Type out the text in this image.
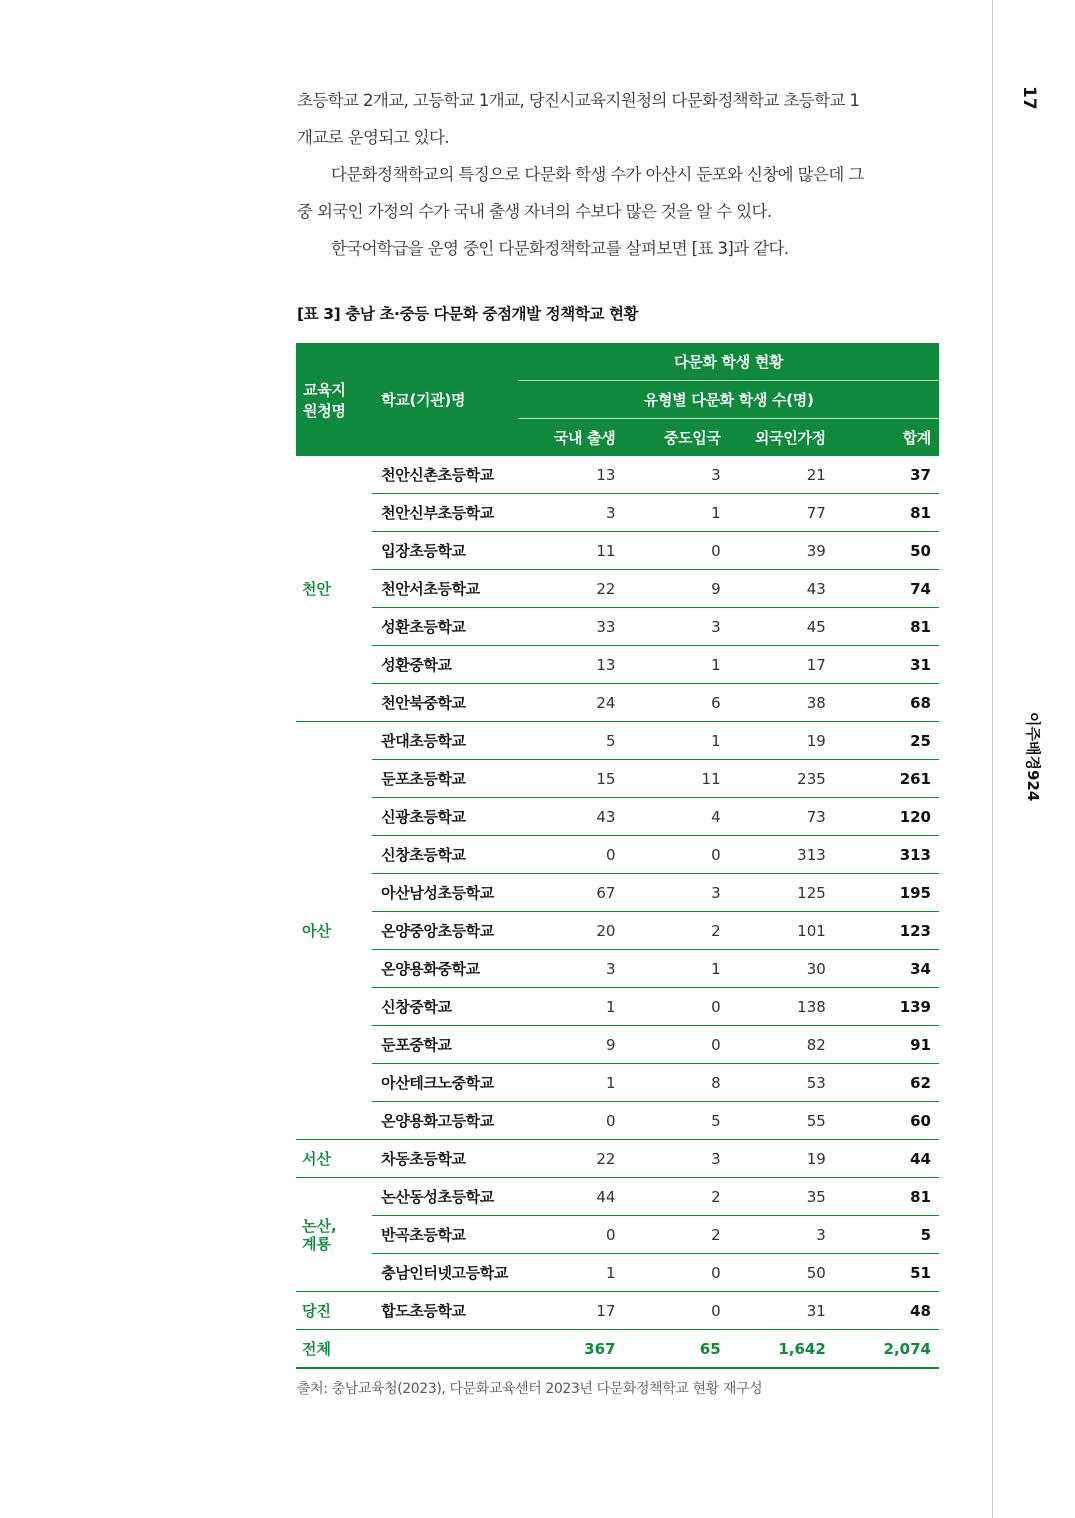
17
이주배경924

초등학교 2개교, 고등학교 1개교, 당진시교육지원청의 다문화정책학교 초등학교 1
개교로 운영되고 있다.

다문화정책학교의 특징으로 다문화 학생 수가 아산시 둔포와 신창에 많은데 그
중 외국인 가정의 수가 국내 출생 자녀의 수보다 많은 것을 알 수 있다.

한국어학급을 운영 중인 다문화정책학교를 살펴보면 [표 3]과 같다.

[표 3] 충남 초·중등 다문화 중점개발 정책학교 현황
교육지
원청명	학교(기관)명	다문화 학생 현황			
		유형별 다문화 학생 수(명)			
		국내 출생	중도입국	외국인가정	합계
천안	천안신촌초등학교	13	3	21	37
	천안신부초등학교	3	1	77	81
	입장초등학교	11	0	39	50
	천안서초등학교	22	9	43	74
	성환초등학교	33	3	45	81
	성환중학교	13	1	17	31
	천안북중학교	24	6	38	68
아산	관대초등학교	5	1	19	25
	둔포초등학교	15	11	235	261
	신광초등학교	43	4	73	120
	신창초등학교	0	0	313	313
	아산남성초등학교	67	3	125	195
	온양중앙초등학교	20	2	101	123
	온양용화중학교	3	1	30	34
	신창중학교	1	0	138	139
	둔포중학교	9	0	82	91
	아산테크노중학교	1	8	53	62
	온양용화고등학교	0	5	55	60
서산	차동초등학교	22	3	19	44
논산,
계룡	논산동성초등학교	44	2	35	81
	반곡초등학교	0	2	3	5
	충남인터넷고등학교	1	0	50	51
당진	합도초등학교	17	0	31	48
전체		367	65	1,642	2,074
출처: 충남교육청(2023), 다문화교육센터 2023년 다문화정책학교 현황 재구성
